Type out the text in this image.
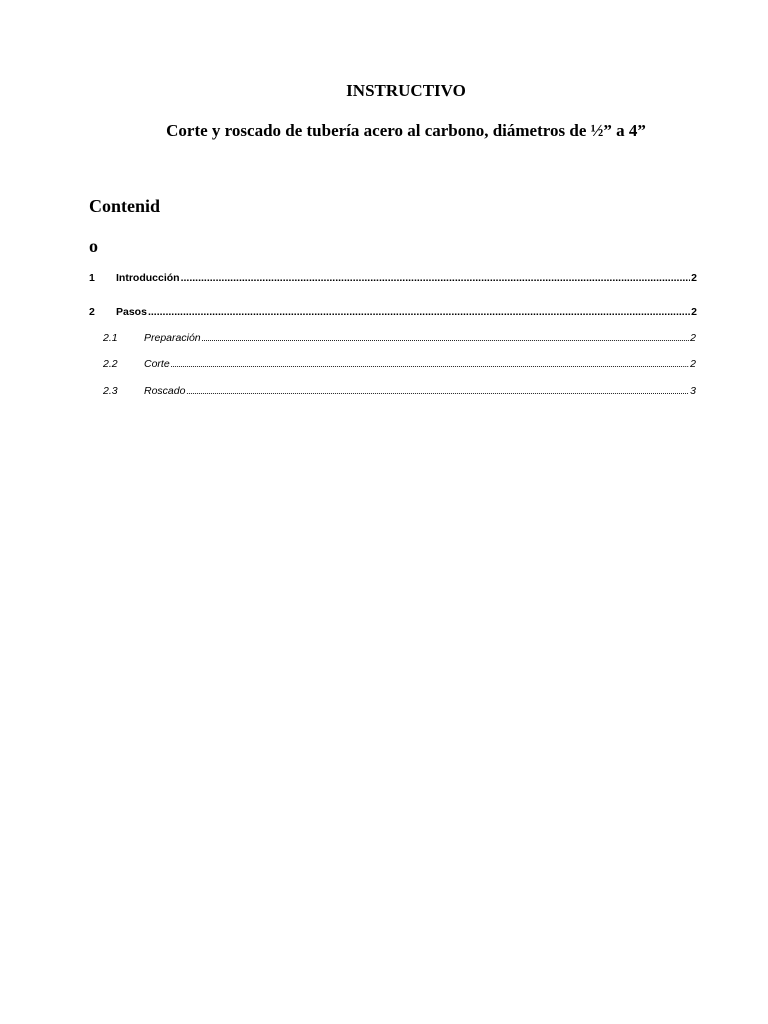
INSTRUCTIVO
Corte y roscado de tubería acero al carbono, diámetros de ½” a 4”
Contenid
o
1	Introducción .....	2
2	Pasos .....	2
2.1	Preparación .....	2
2.2	Corte .....	2
2.3	Roscado .....	3
